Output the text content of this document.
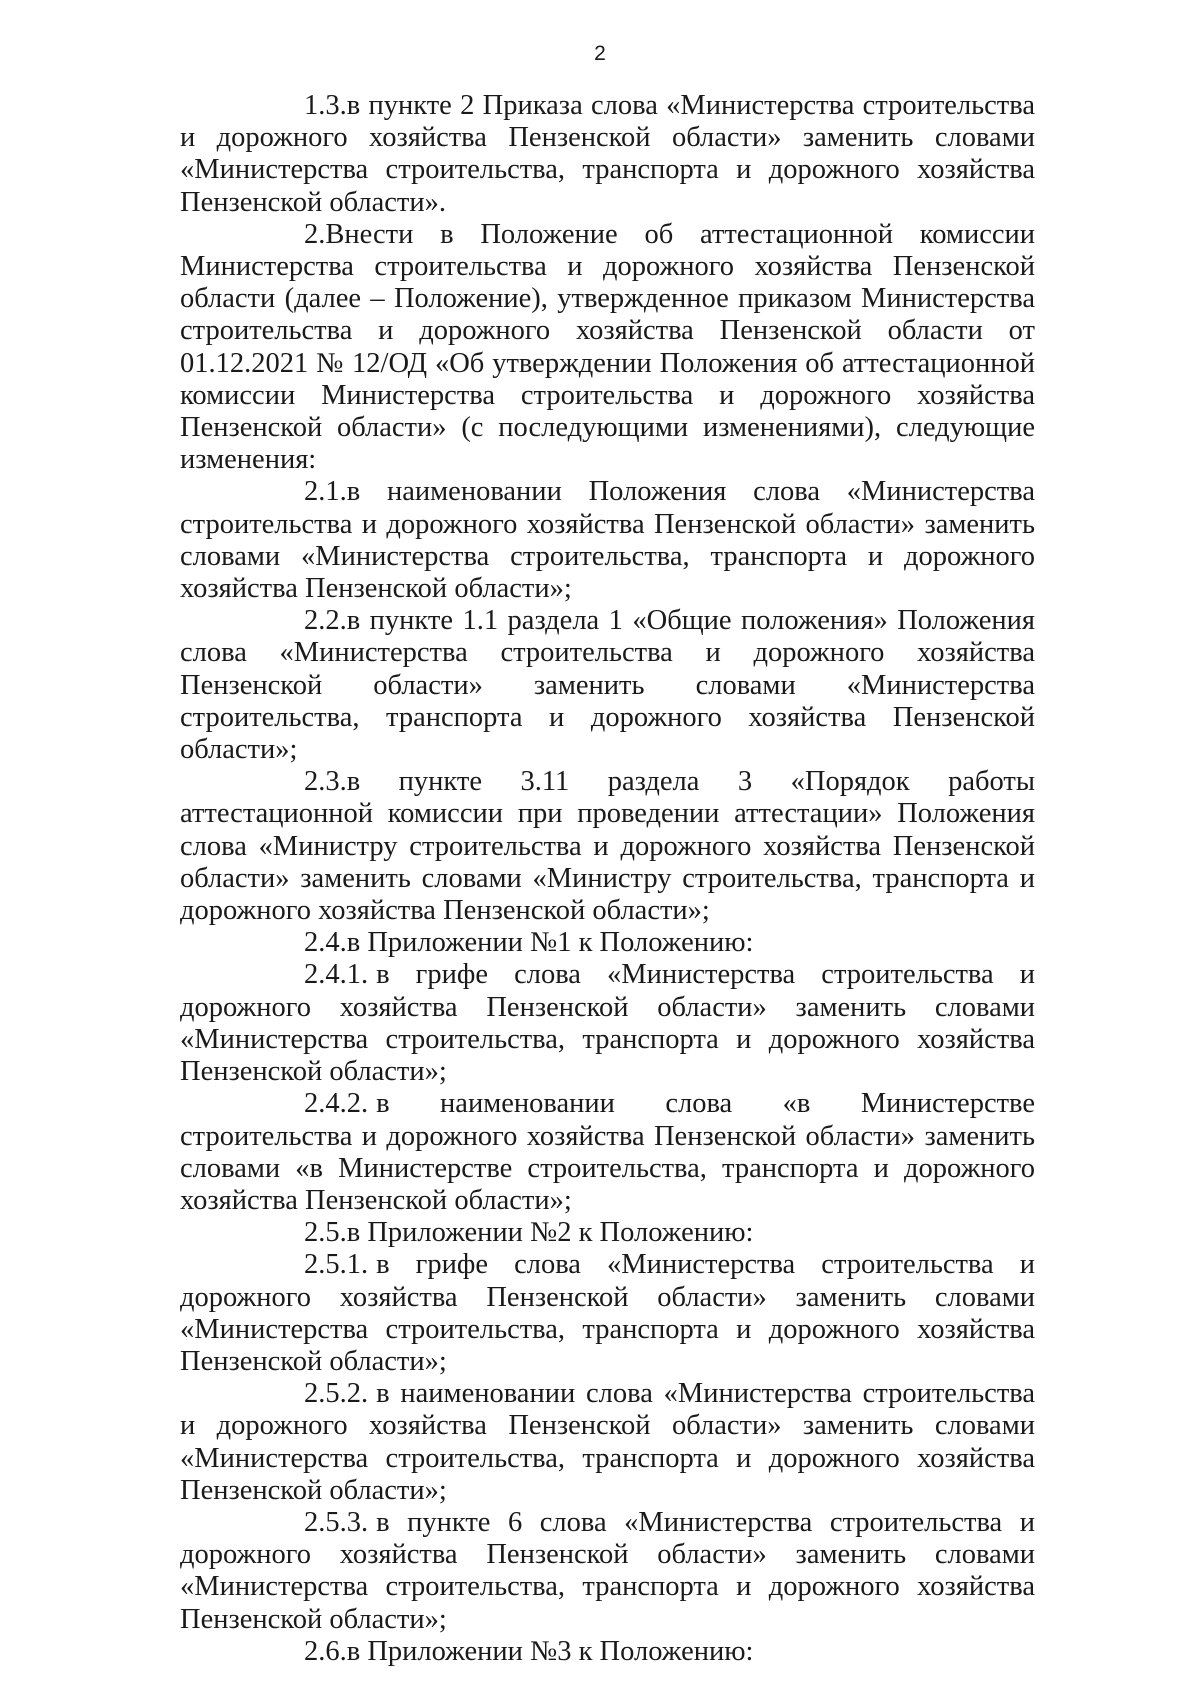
2

1.3.в пункте 2 Приказа слова «Министерства строительства и дорожного хозяйства Пензенской области» заменить словами «Министерства строительства, транспорта и дорожного хозяйства Пензенской области».

2.Внести в Положение об аттестационной комиссии Министерства строительства и дорожного хозяйства Пензенской области (далее – Положение), утвержденное приказом Министерства строительства и дорожного хозяйства Пензенской области от 01.12.2021 № 12/ОД «Об утверждении Положения об аттестационной комиссии Министерства строительства и дорожного хозяйства Пензенской области» (с последующими изменениями), следующие изменения:

2.1.в наименовании Положения слова «Министерства строительства и дорожного хозяйства Пензенской области» заменить словами «Министерства строительства, транспорта и дорожного хозяйства Пензенской области»;

2.2.в пункте 1.1 раздела 1 «Общие положения» Положения слова «Министерства строительства и дорожного хозяйства Пензенской области» заменить словами «Министерства строительства, транспорта и дорожного хозяйства Пензенской области»;

2.3.в пункте 3.11 раздела 3 «Порядок работы аттестационной комиссии при проведении аттестации» Положения слова «Министру строительства и дорожного хозяйства Пензенской области» заменить словами «Министру строительства, транспорта и дорожного хозяйства Пензенской области»;

2.4.в Приложении №1 к Положению:

2.4.1. в грифе слова «Министерства строительства и дорожного хозяйства Пензенской области» заменить словами «Министерства строительства, транспорта и дорожного хозяйства Пензенской области»;

2.4.2. в наименовании слова «в Министерстве строительства и дорожного хозяйства Пензенской области» заменить словами «в Министерстве строительства, транспорта и дорожного хозяйства Пензенской области»;

2.5.в Приложении №2 к Положению:

2.5.1. в грифе слова «Министерства строительства и дорожного хозяйства Пензенской области» заменить словами «Министерства строительства, транспорта и дорожного хозяйства Пензенской области»;

2.5.2. в наименовании слова «Министерства строительства и дорожного хозяйства Пензенской области» заменить словами «Министерства строительства, транспорта и дорожного хозяйства Пензенской области»;

2.5.3. в пункте 6 слова «Министерства строительства и дорожного хозяйства Пензенской области» заменить словами «Министерства строительства, транспорта и дорожного хозяйства Пензенской области»;

2.6.в Приложении №3 к Положению:
